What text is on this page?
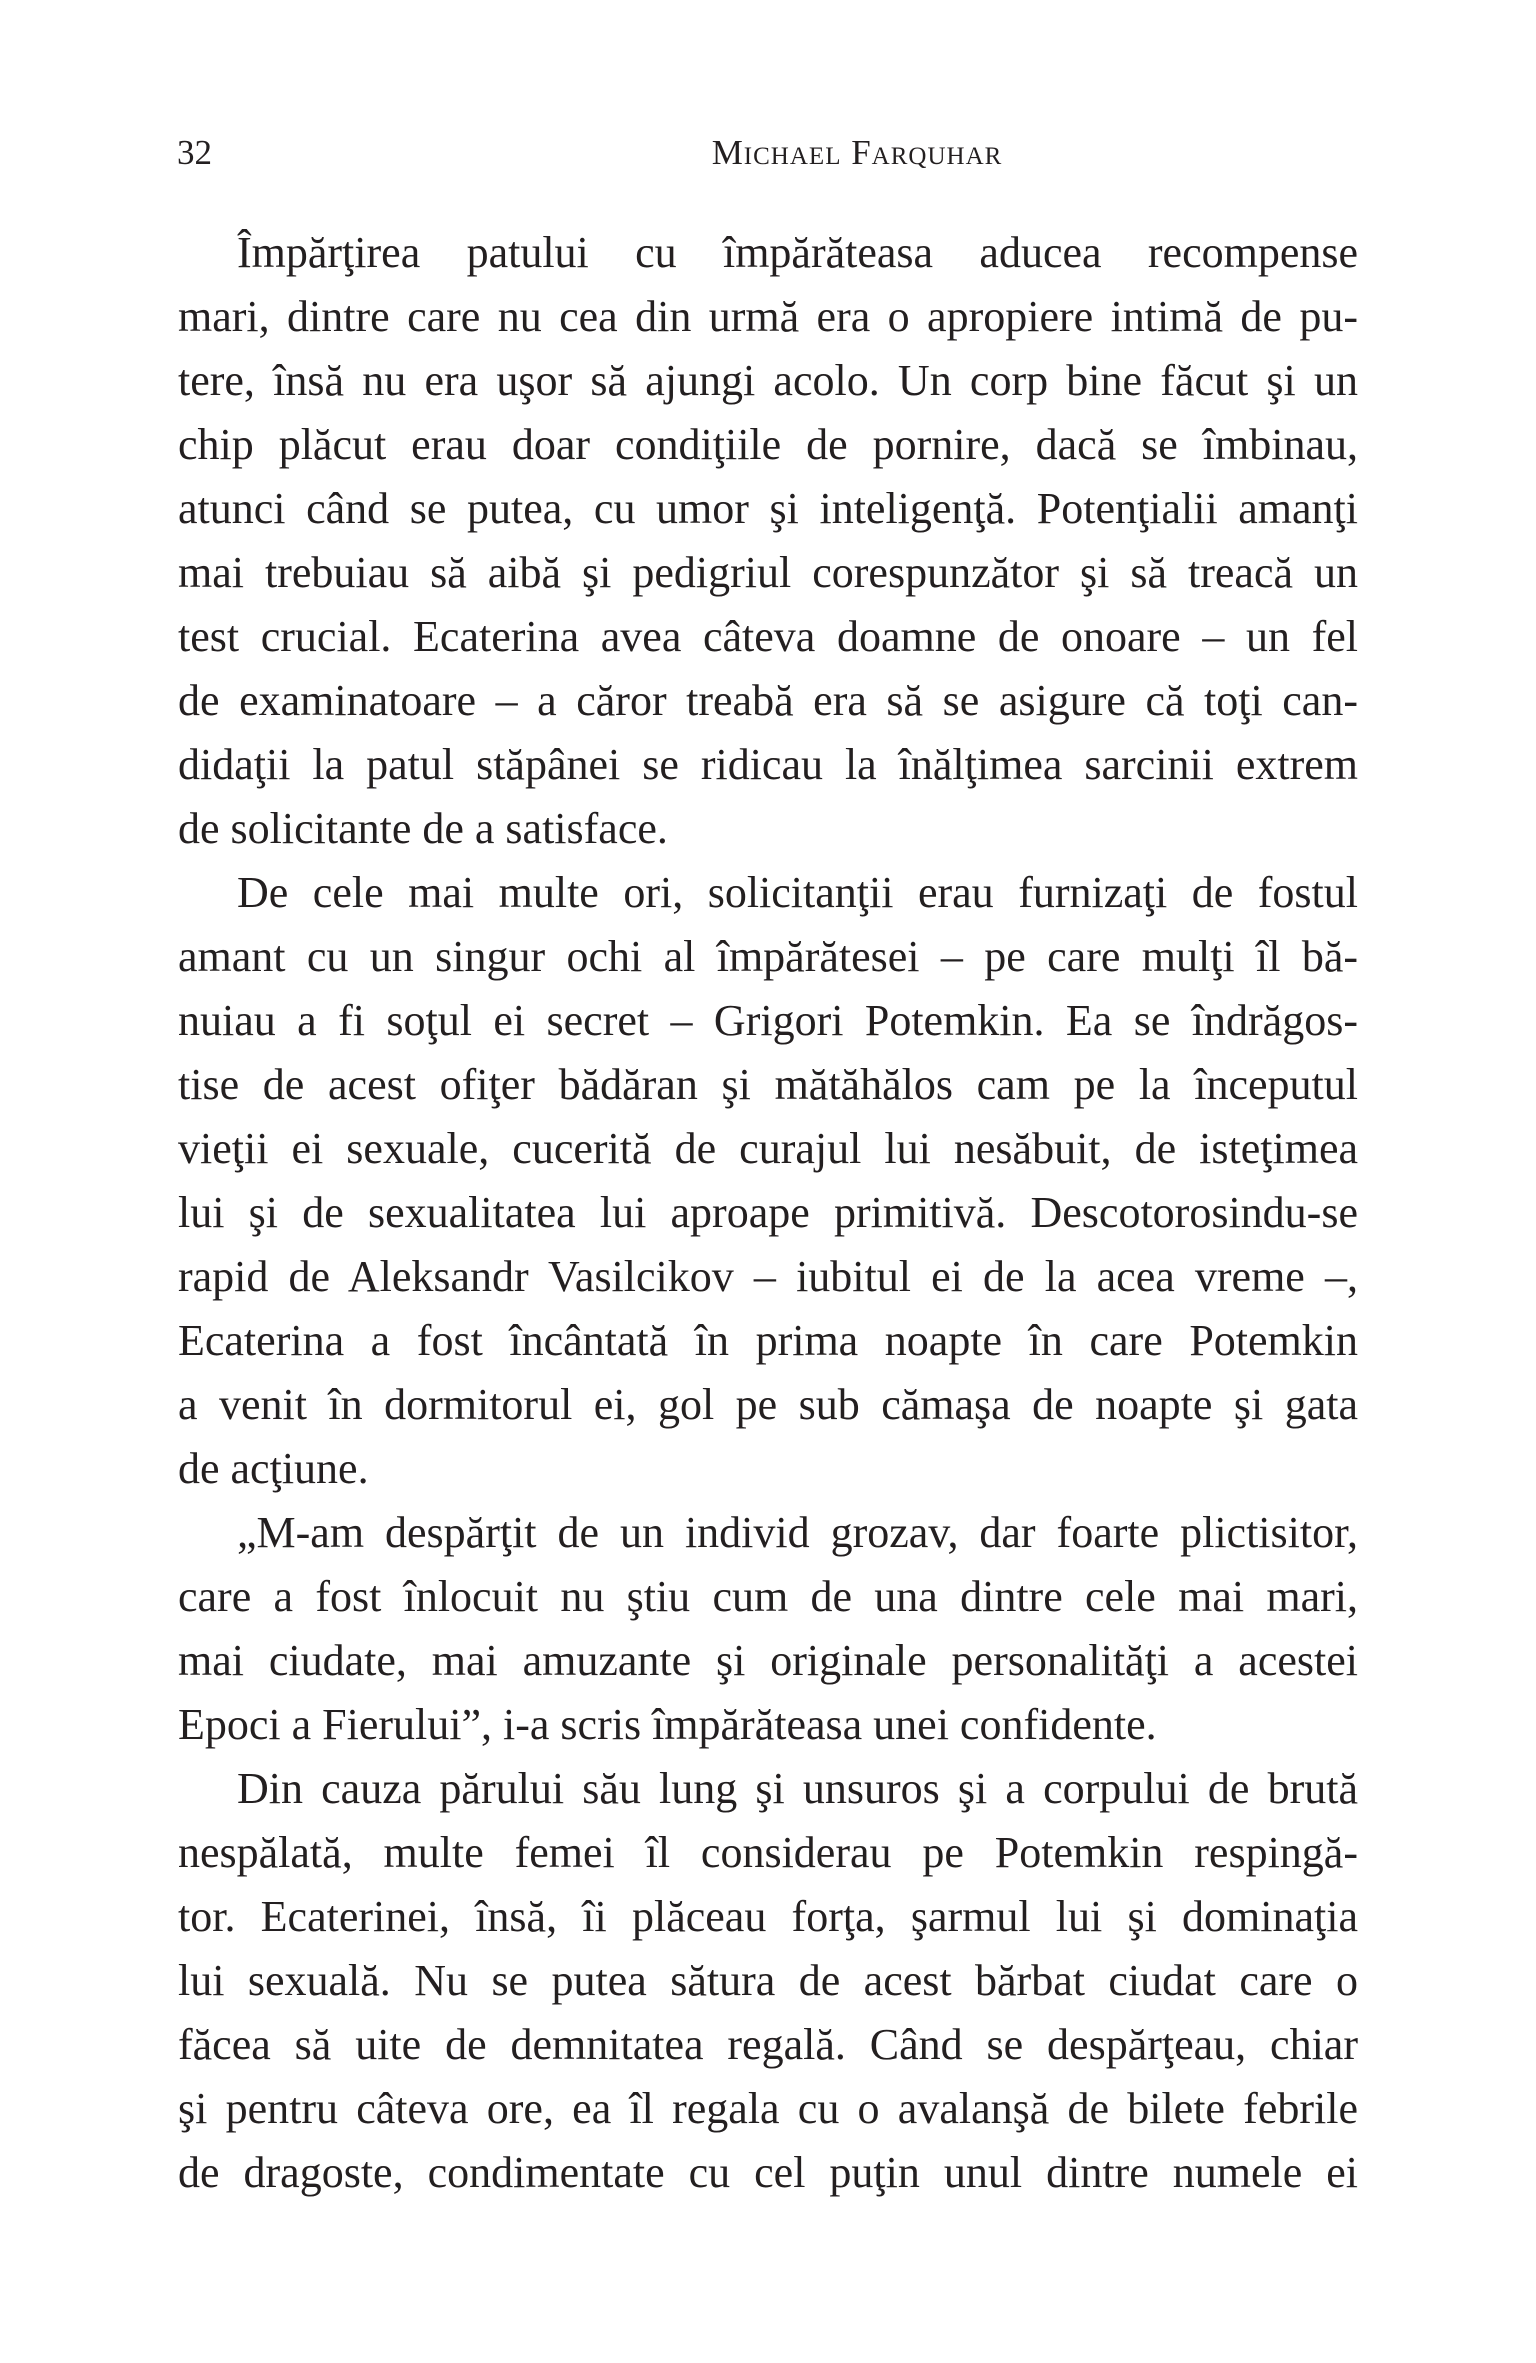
32	Michael Farquhar
Împărţirea patului cu împărăteasa aducea recompense
mari, dintre care nu cea din urmă era o apropiere intimă de pu-
tere, însă nu era uşor să ajungi acolo. Un corp bine făcut şi un
chip plăcut erau doar condiţiile de pornire, dacă se îmbinau,
atunci când se putea, cu umor şi inteligenţă. Potenţialii amanţi
mai trebuiau să aibă şi pedigriul corespunzător şi să treacă un
test crucial. Ecaterina avea câteva doamne de onoare – un fel
de examinatoare – a căror treabă era să se asigure că toţi can-
didaţii la patul stăpânei se ridicau la înălţimea sarcinii extrem
de solicitante de a satisface.
De cele mai multe ori, solicitanţii erau furnizaţi de fostul
amant cu un singur ochi al împărătesei – pe care mulţi îl bă-
nuiau a fi soţul ei secret – Grigori Potemkin. Ea se îndrăgos-
tise de acest ofiţer bădăran şi mătăhălos cam pe la începutul
vieţii ei sexuale, cucerită de curajul lui nesăbuit, de isteţimea
lui şi de sexualitatea lui aproape primitivă. Descotorosindu-se
rapid de Aleksandr Vasilcikov – iubitul ei de la acea vreme –,
Ecaterina a fost încântată în prima noapte în care Potemkin
a venit în dormitorul ei, gol pe sub cămaşa de noapte şi gata
de acţiune.
„M-am despărţit de un individ grozav, dar foarte plictisitor,
care a fost înlocuit nu ştiu cum de una dintre cele mai mari,
mai ciudate, mai amuzante şi originale personalităţi a acestei
Epoci a Fierului”, i-a scris împărăteasa unei confidente.
Din cauza părului său lung şi unsuros şi a corpului de brută
nespălată, multe femei îl considerau pe Potemkin respingă-
tor. Ecaterinei, însă, îi plăceau forţa, şarmul lui şi dominaţia
lui sexuală. Nu se putea sătura de acest bărbat ciudat care o
făcea să uite de demnitatea regală. Când se despărţeau, chiar
şi pentru câteva ore, ea îl regala cu o avalanşă de bilete febrile
de dragoste, condimentate cu cel puţin unul dintre numele ei
